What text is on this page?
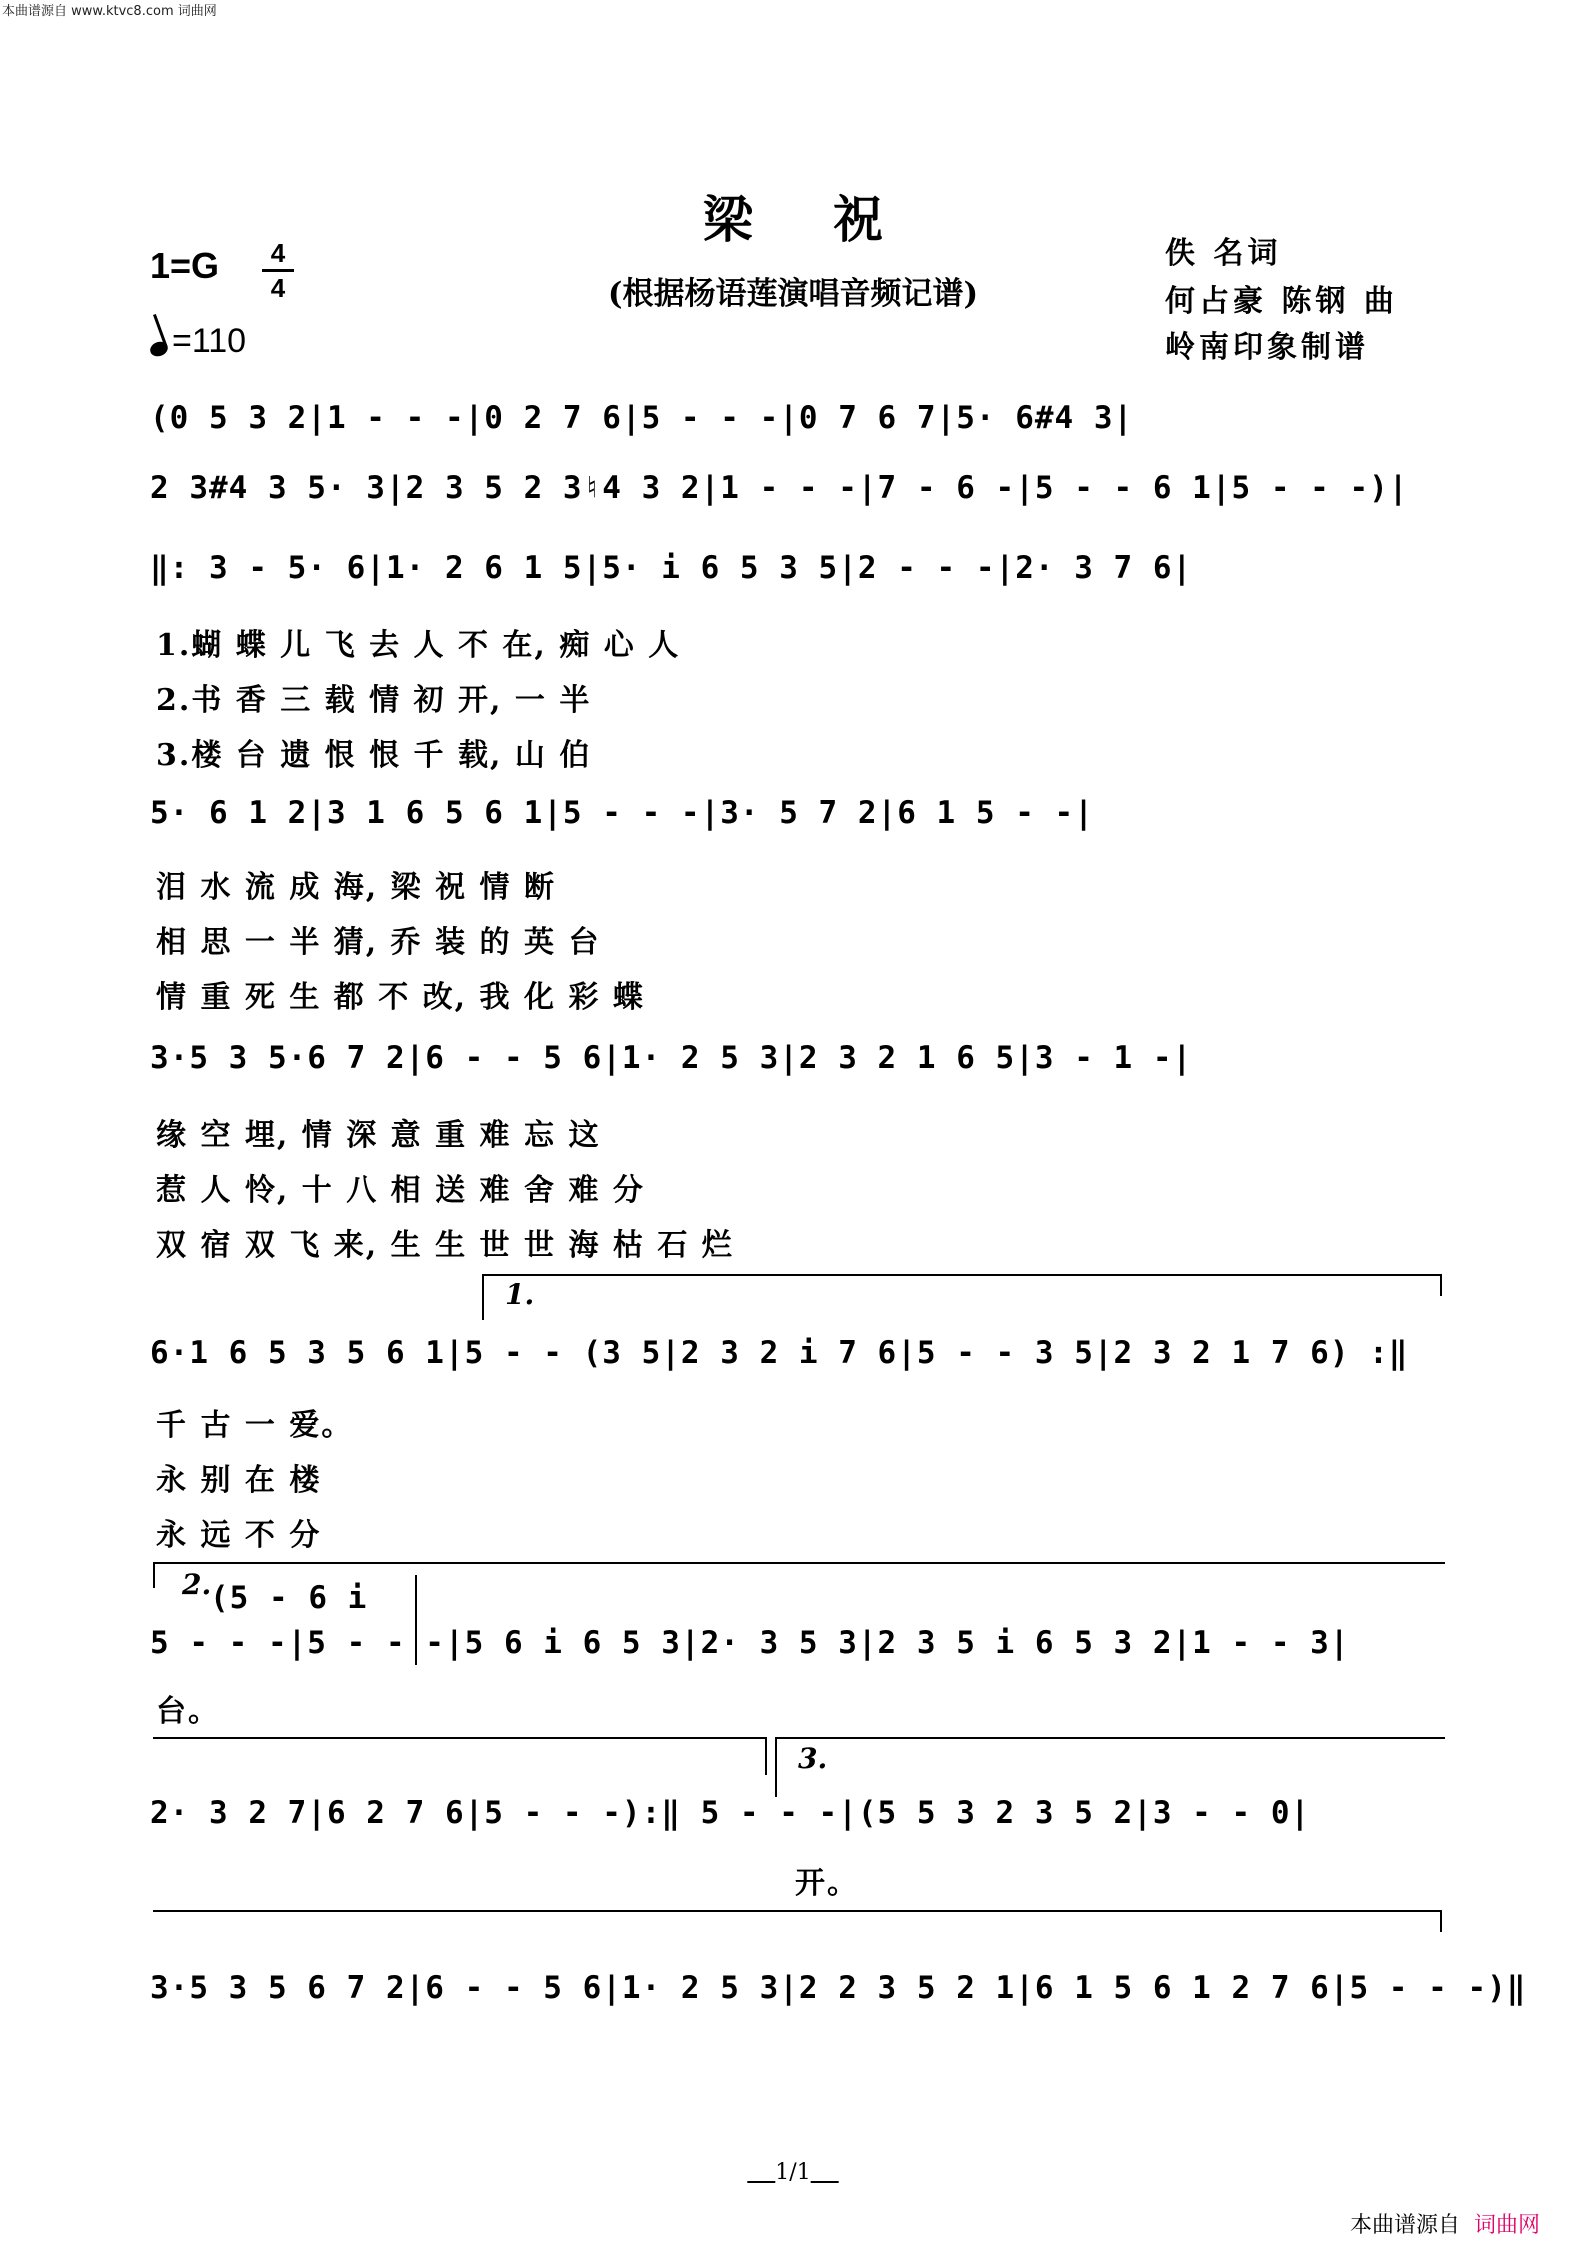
本曲谱源自 www.ktvc8.com 词曲网
梁祝
(根据杨语莲演唱音频记谱)
1=G	4
4
=110
佚 名词
何占豪 陈钢 曲
岭南印象制谱
(0 5 3 2|1 - - -|0 2 7 6|5 - - -|0 7 6 7|5· 6#4 3|
2 3#4 3 5· 3|2 3 5 2 3♮4 3 2|1 - - -|7 - 6 -|5 - - 6 1|5 - - -)|
‖: 3 - 5· 6|1· 2 6 1 5|5· i 6 5 3 5|2 - - -|2· 3 7 6|
1.蝴 蝶 儿 飞 去 人 不 在, 痴 心 人
2.书 香 三 载 情 初 开, 一 半
3.楼 台 遗 恨 恨 千 载, 山 伯
5· 6 1 2|3 1 6 5 6 1|5 - - -|3· 5 7 2|6 1 5 - -|
泪 水 流 成 海, 梁 祝 情 断
相 思 一 半 猜, 乔 装 的 英 台
情 重 死 生 都 不 改, 我 化 彩 蝶
3·5 3 5·6 7 2|6 - - 5 6|1· 2 5 3|2 3 2 1 6 5|3 - 1 -|
缘 空 埋, 情 深 意 重 难 忘 这
惹 人 怜, 十 八 相 送 难 舍 难 分
双 宿 双 飞 来, 生 生 世 世 海 枯 石 烂
1.
6·1 6 5 3 5 6 1|5 - - (3 5|2 3 2 i 7 6|5 - - 3 5|2 3 2 1 7 6) :‖
千 古 一 爱。
永 别 在 楼
永 远 不 分
2.
(5 - 6 i
5 - - -|5 - - -|5 6 i 6 5 3|2· 3 5 3|2 3 5 i 6 5 3 2|1 - - 3|
台。
3.
2· 3 2 7|6 2 7 6|5 - - -):‖ 5 - - -|(5 5 3 2 3 5 2|3 - - 0|
开。
3·5 3 5 6 7 2|6 - - 5 6|1· 2 5 3|2 2 3 5 2 1|6 1 5 6 1 2 7 6|5 - - -)‖
1/1
本曲谱源自 词曲网
